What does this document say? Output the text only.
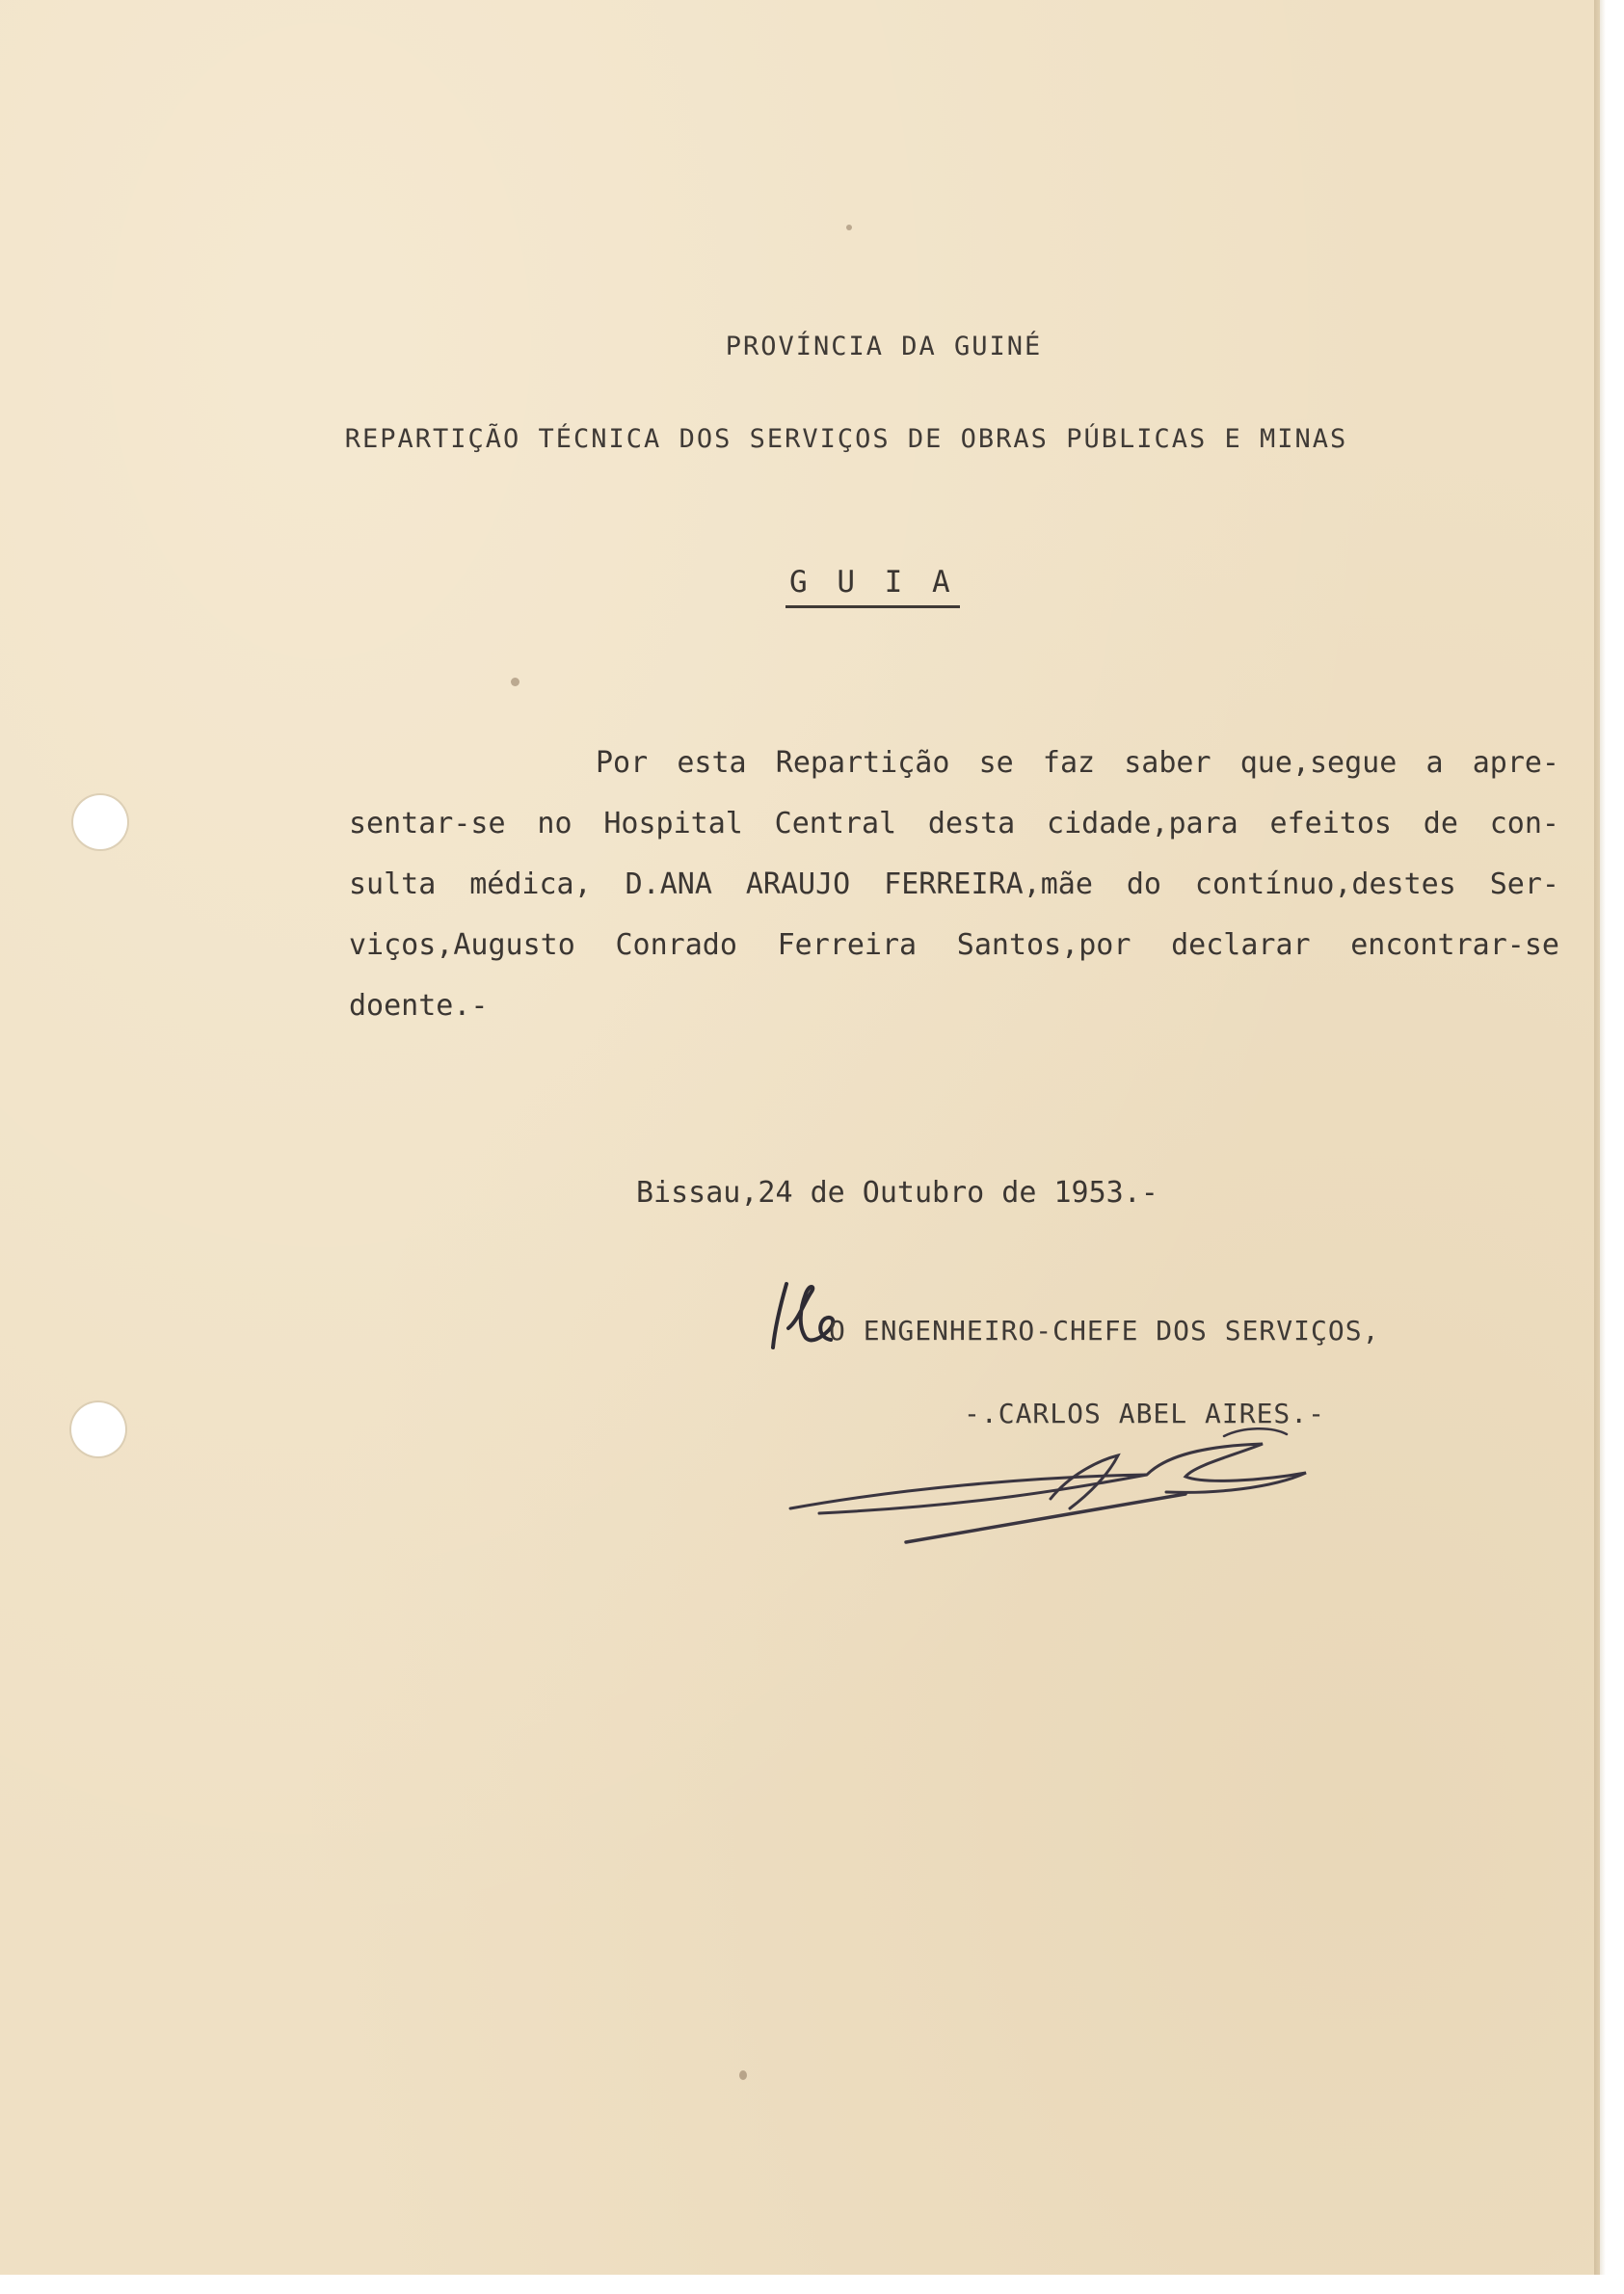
PROVÍNCIA DA GUINÉ
REPARTIÇÃO TÉCNICA DOS SERVIÇOS DE OBRAS PÚBLICAS E MINAS
G U I A
Por esta Repartição se faz saber que,segue a apre-
sentar-se no Hospital Central desta cidade,para efeitos de con-
sulta médica, D.ANA ARAUJO FERREIRA,mãe do contínuo,destes Ser-
viços,Augusto Conrado Ferreira Santos,por declarar encontrar-se
doente.-
Bissau,24 de Outubro de 1953.-
O ENGENHEIRO-CHEFE DOS SERVIÇOS,
-.CARLOS ABEL AIRES.-
